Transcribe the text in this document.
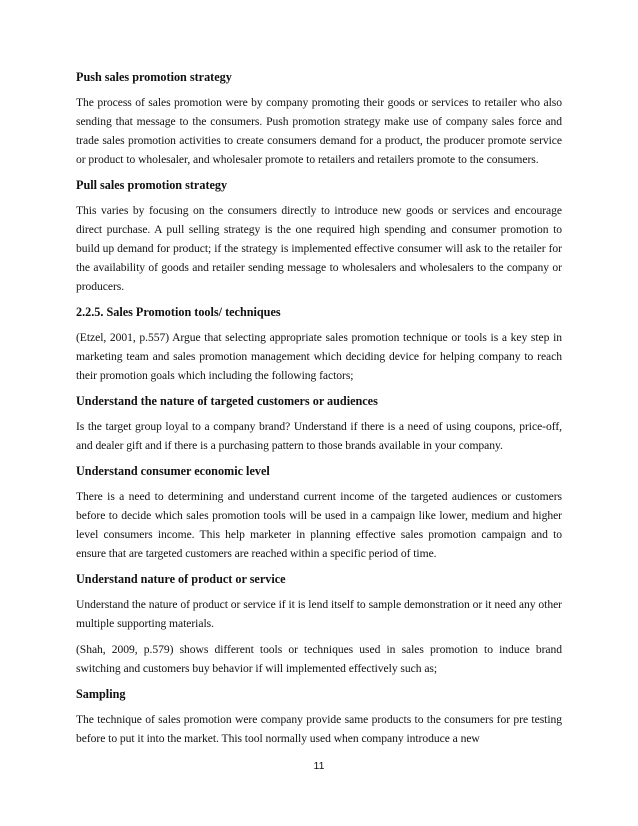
Push sales promotion strategy

The process of sales promotion were by company promoting their goods or services to retailer who also sending that message to the consumers. Push promotion strategy make use of company sales force and trade sales promotion activities to create consumers demand for a product, the producer promote service or product to wholesaler, and wholesaler promote to retailers and retailers promote to the consumers.

Pull sales promotion strategy

This varies by focusing on the consumers directly to introduce new goods or services and encourage direct purchase. A pull selling strategy is the one required high spending and consumer promotion to build up demand for product; if the strategy is implemented effective consumer will ask to the retailer for the availability of goods and retailer sending message to wholesalers and wholesalers to the company or producers.

2.2.5. Sales Promotion tools/ techniques

(Etzel, 2001, p.557) Argue that selecting appropriate sales promotion technique or tools is a key step in marketing team and sales promotion management which deciding device for helping company to reach their promotion goals which including the following factors;

Understand the nature of targeted customers or audiences

Is the target group loyal to a company brand? Understand if there is a need of using coupons, price-off, and dealer gift and if there is a purchasing pattern to those brands available in your company.

Understand consumer economic level

There is a need to determining and understand current income of the targeted audiences or customers before to decide which sales promotion tools will be used in a campaign like lower, medium and higher level consumers income. This help marketer in planning effective sales promotion campaign and to ensure that are targeted customers are reached within a specific period of time.

Understand nature of product or service

Understand the nature of product or service if it is lend itself to sample demonstration or it need any other multiple supporting materials.

(Shah, 2009, p.579) shows different tools or techniques used in sales promotion to induce brand switching and customers buy behavior if will implemented effectively such as;

Sampling

The technique of sales promotion were company provide same products to the consumers for pre testing before to put it into the market. This tool normally used when company introduce a new

11
